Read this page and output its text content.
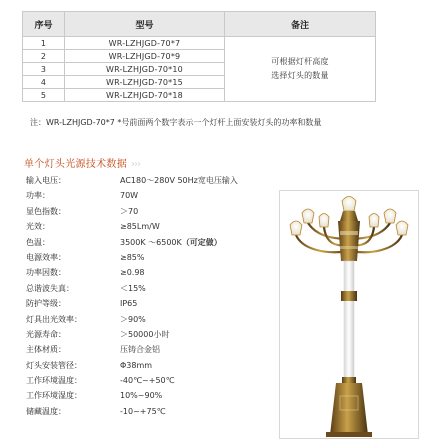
序号	型号	备注
1	WR-LZHJGD-70*7	可根据灯杆高度
选择灯头的数量

2	WR-LZHJGD-70*9	
3	WR-LZHJGD-70*10	
4	WR-LZHJGD-70*15	
5	WR-LZHJGD-70*18	
注：WR-LZHJGD-70*7 *号前面两个数字表示一个灯杆上面安装灯头的功率和数量
单个灯头光源技术数据 ›››
输入电压：	AC180～280V 50Hz宽电压输入
功率：	70W
显色指数：	＞70
光效：	≥85Lm/W
色温：	3500K ～6500K（可定做）
电源效率：	≥85%
功率因数：	≥0.98
总谐波失真：	＜15%
防护等级：	IP65
灯具出光效率：	＞90%
光源寿命：	＞50000小时
主体材质：	压铸合金铝
灯头安装管径：	Φ38mm
工作环境温度：	-40℃~+50℃
工作环境湿度：	10%~90%
储藏温度：	-10~+75℃
